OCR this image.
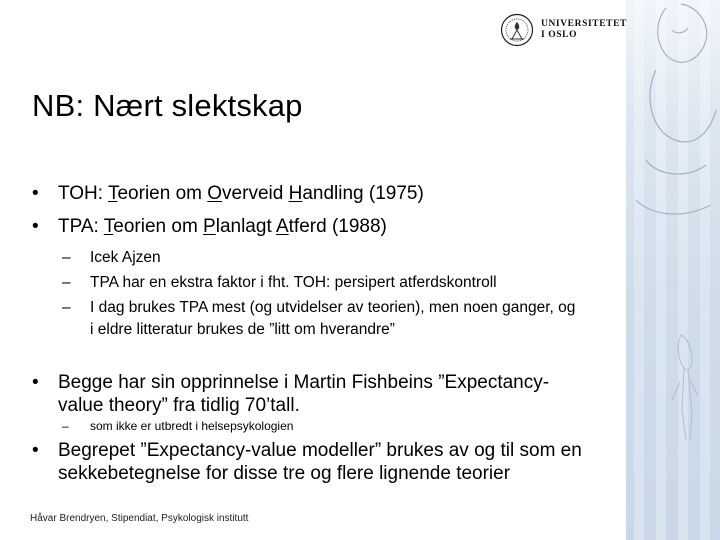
UNIVERSITETET
I OSLO
NB: Nært slektskap
•	TOH: Teorien om Overveid Handling (1975)
•	TPA: Teorien om Planlagt Atferd (1988)
–	Icek Ajzen
–	TPA har en ekstra faktor i fht. TOH: persipert atferdskontroll
–	I dag brukes TPA mest (og utvidelser av teorien), men noen ganger, og i eldre litteratur brukes de ”litt om hverandre”
•	Begge har sin opprinnelse i Martin Fishbeins ”Expectancy-value theory” fra tidlig 70’tall.
–	som ikke er utbredt i helsepsykologien
•	Begrepet ”Expectancy-value modeller” brukes av og til som en sekkebetegnelse for disse tre og flere lignende teorier
Håvar Brendryen, Stipendiat, Psykologisk institutt
